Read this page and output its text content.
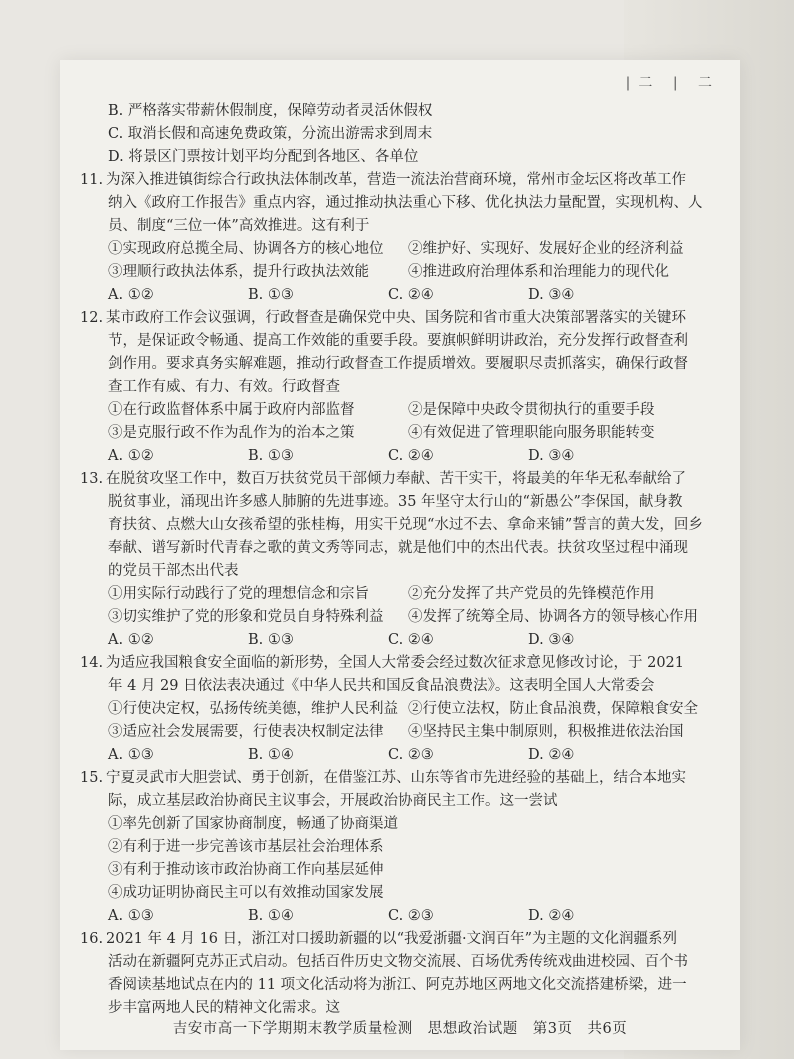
|二 | 二
B. 严格落实带薪休假制度，保障劳动者灵活休假权
C. 取消长假和高速免费政策，分流出游需求到周末
D. 将景区门票按计划平均分配到各地区、各单位
11. 为深入推进镇街综合行政执法体制改革，营造一流法治营商环境，常州市金坛区将改革工作
纳入《政府工作报告》重点内容，通过推动执法重心下移、优化执法力量配置，实现机构、人
员、制度“三位一体”高效推进。这有利于
①实现政府总揽全局、协调各方的核心地位	②维护好、实现好、发展好企业的经济利益
③理顺行政执法体系，提升行政执法效能	④推进政府治理体系和治理能力的现代化
A. ①②	B. ①③	C. ②④	D. ③④
12. 某市政府工作会议强调，行政督查是确保党中央、国务院和省市重大决策部署落实的关键环
节，是保证政令畅通、提高工作效能的重要手段。要旗帜鲜明讲政治，充分发挥行政督查利
剑作用。要求真务实解难题，推动行政督查工作提质增效。要履职尽责抓落实，确保行政督
查工作有威、有力、有效。行政督查
①在行政监督体系中属于政府内部监督	②是保障中央政令贯彻执行的重要手段
③是克服行政不作为乱作为的治本之策	④有效促进了管理职能向服务职能转变
A. ①②	B. ①③	C. ②④	D. ③④
13. 在脱贫攻坚工作中，数百万扶贫党员干部倾力奉献、苦干实干，将最美的年华无私奉献给了
脱贫事业，涌现出许多感人肺腑的先进事迹。35 年坚守太行山的“新愚公”李保国，献身教
育扶贫、点燃大山女孩希望的张桂梅，用实干兑现“水过不去、拿命来铺”誓言的黄大发，回乡
奉献、谱写新时代青春之歌的黄文秀等同志，就是他们中的杰出代表。扶贫攻坚过程中涌现
的党员干部杰出代表
①用实际行动践行了党的理想信念和宗旨	②充分发挥了共产党员的先锋模范作用
③切实维护了党的形象和党员自身特殊利益	④发挥了统筹全局、协调各方的领导核心作用
A. ①②	B. ①③	C. ②④	D. ③④
14. 为适应我国粮食安全面临的新形势，全国人大常委会经过数次征求意见修改讨论，于 2021
年 4 月 29 日依法表决通过《中华人民共和国反食品浪费法》。这表明全国人大常委会
①行使决定权，弘扬传统美德，维护人民利益 ②行使立法权，防止食品浪费，保障粮食安全
③适应社会发展需要，行使表决权制定法律	④坚持民主集中制原则，积极推进依法治国
A. ①③	B. ①④	C. ②③	D. ②④
15. 宁夏灵武市大胆尝试、勇于创新，在借鉴江苏、山东等省市先进经验的基础上，结合本地实
际，成立基层政治协商民主议事会，开展政治协商民主工作。这一尝试
①率先创新了国家协商制度，畅通了协商渠道
②有利于进一步完善该市基层社会治理体系
③有利于推动该市政治协商工作向基层延伸
④成功证明协商民主可以有效推动国家发展
A. ①③	B. ①④	C. ②③	D. ②④
16. 2021 年 4 月 16 日，浙江对口援助新疆的以“我爱浙疆·文润百年”为主题的文化润疆系列
活动在新疆阿克苏正式启动。包括百件历史文物交流展、百场优秀传统戏曲进校园、百个书
香阅读基地试点在内的 11 项文化活动将为浙江、阿克苏地区两地文化交流搭建桥梁，进一
步丰富两地人民的精神文化需求。这
吉安市高一下学期期末教学质量检测　思想政治试题　第3页　共6页
